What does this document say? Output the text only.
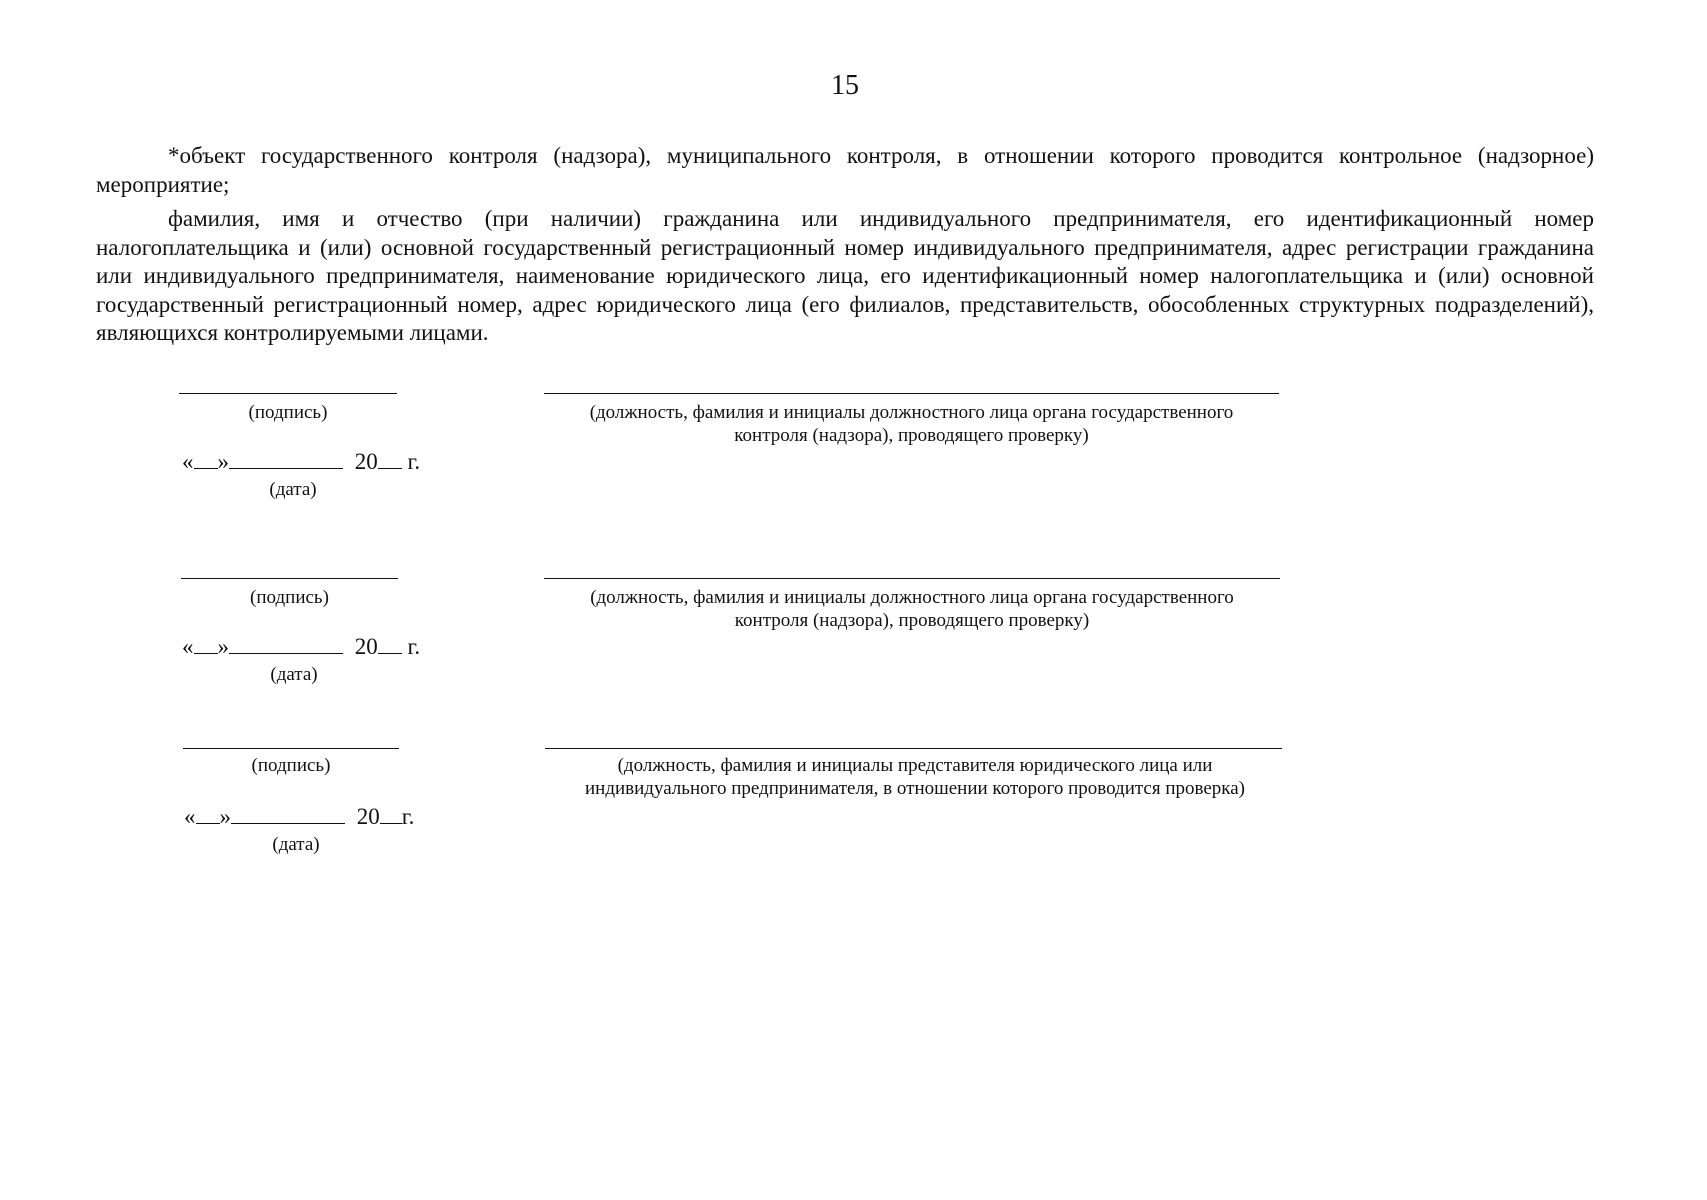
15

*объект государственного контроля (надзора), муниципального контроля, в отношении которого проводится контрольное (надзорное) мероприятие;

фамилия, имя и отчество (при наличии) гражданина или индивидуального предпринимателя, его идентификационный номер налогоплательщика и (или) основной государственный регистрационный номер индивидуального предпринимателя, адрес регистрации гражданина или индивидуального предпринимателя, наименование юридического лица, его идентификационный номер налогоплательщика и (или) основной государственный регистрационный номер, адрес юридического лица (его филиалов, представительств, обособленных структурных подразделений), являющихся контролируемыми лицами.

(подпись)	(должность, фамилия и инициалы должностного лица органа государственного
контроля (надзора), проводящего проверку)
« »	20 г.
(дата)
(подпись)	(должность, фамилия и инициалы должностного лица органа государственного
контроля (надзора), проводящего проверку)
« »	20 г.
(дата)
(подпись)	(должность, фамилия и инициалы представителя юридического лица или
индивидуального предпринимателя, в отношении которого проводится проверка)
« »	20 г.
(дата)
